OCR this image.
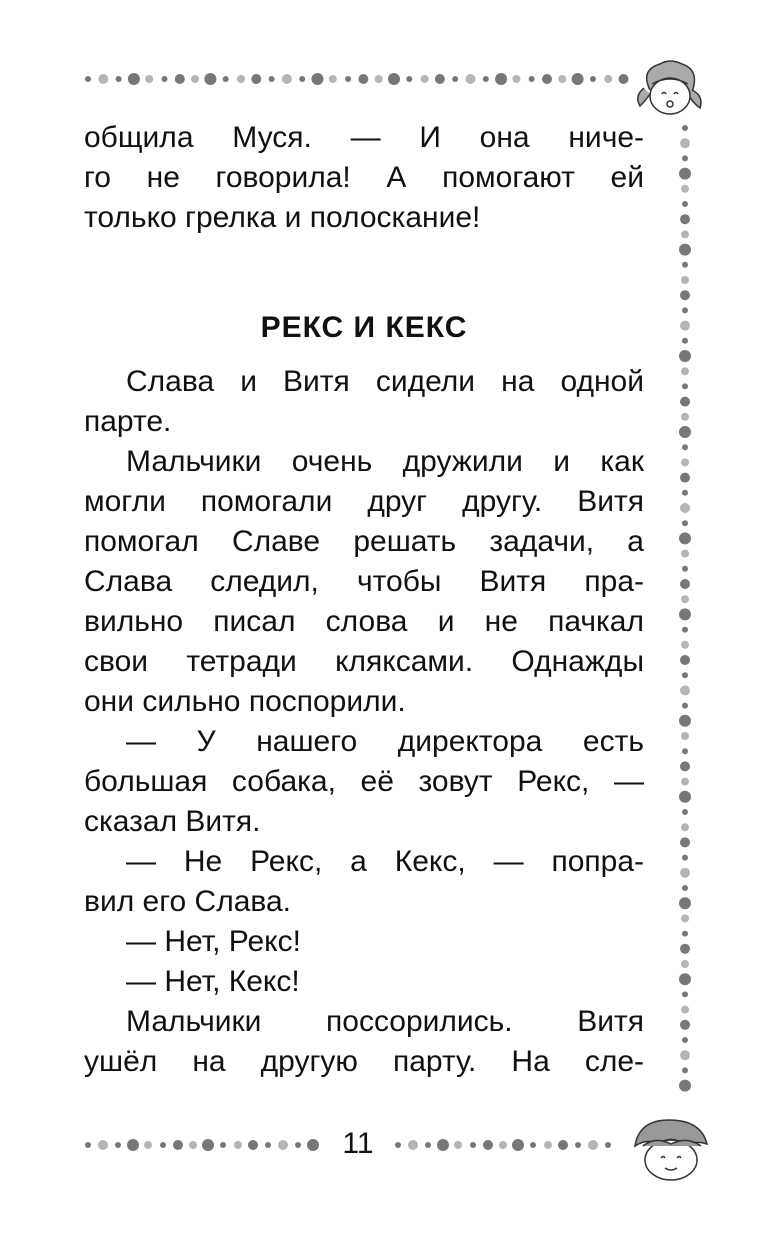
общила Муся. — И она ниче-
го не говорила! А помогают ей
только грелка и полоскание!
РЕКС И КЕКС
Слава и Витя сидели на одной
парте.
Мальчики очень дружили и как
могли помогали друг другу. Витя
помогал Славе решать задачи, а
Слава следил, чтобы Витя пра-
вильно писал слова и не пачкал
свои тетради кляксами. Однажды
они сильно поспорили.
— У нашего директора есть
большая собака, её зовут Рекс, —
сказал Витя.
— Не Рекс, а Кекс, — попра-
вил его Слава.
— Нет, Рекс!
— Нет, Кекс!
Мальчики поссорились. Витя
ушёл на другую парту. На сле-
11
